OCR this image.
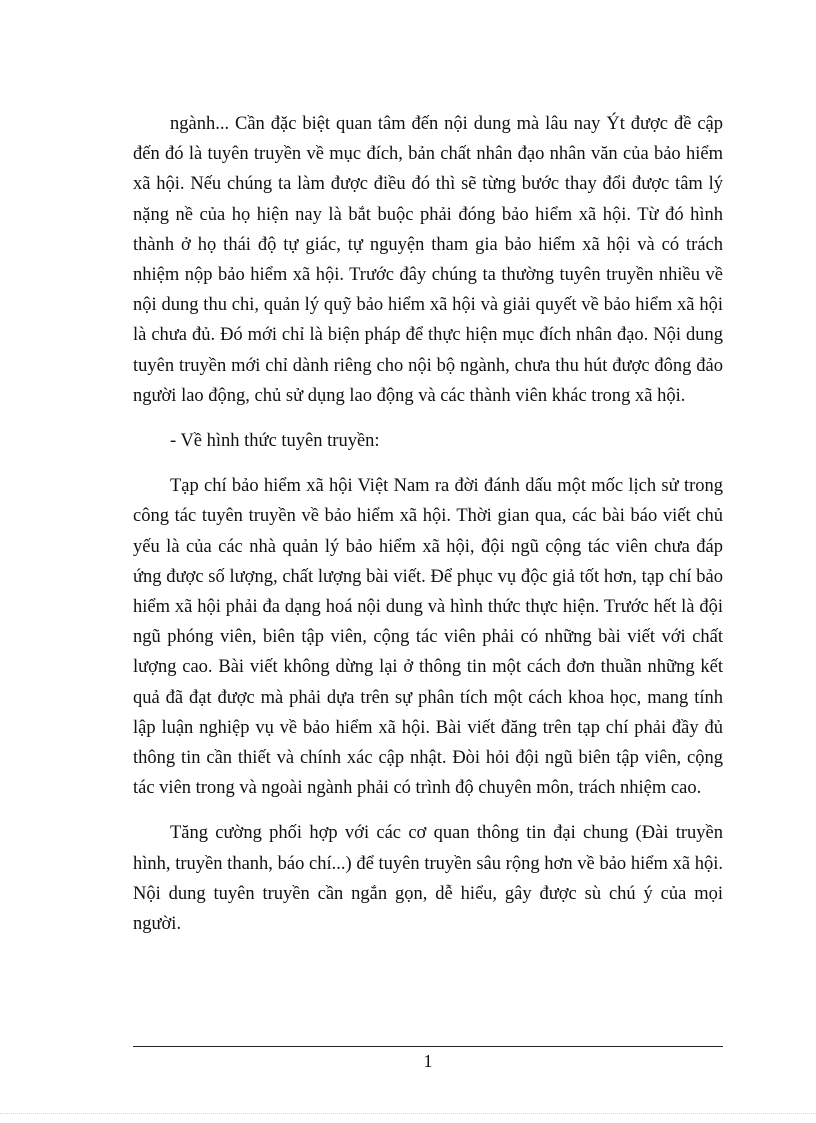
ngành... Cần đặc biệt quan tâm đến nội dung mà lâu nay Ýt được đề cập đến đó là tuyên truyền về mục đích, bản chất nhân đạo nhân văn của bảo hiểm xã hội. Nếu chúng ta làm được điều đó thì sẽ từng bước thay đổi được tâm lý nặng nề của họ hiện nay là bắt buộc phải đóng bảo hiểm xã hội. Từ đó hình thành ở họ thái độ tự giác, tự nguyện tham gia bảo hiểm xã hội và có trách nhiệm nộp bảo hiểm xã hội. Trước đây chúng ta thường tuyên truyền nhiều về nội dung thu chi, quản lý quỹ bảo hiểm xã hội và giải quyết về bảo hiểm xã hội là chưa đủ. Đó mới chỉ là biện pháp để thực hiện mục đích nhân đạo. Nội dung tuyên truyền mới chỉ dành riêng cho nội bộ ngành, chưa thu hút được đông đảo người lao động, chủ sử dụng lao động và các thành viên khác trong xã hội.

- Về hình thức tuyên truyền:

Tạp chí bảo hiểm xã hội Việt Nam ra đời đánh dấu một mốc lịch sử trong công tác tuyên truyền về bảo hiểm xã hội. Thời gian qua, các bài báo viết chủ yếu là của các nhà quản lý bảo hiểm xã hội, đội ngũ cộng tác viên chưa đáp ứng được số lượng, chất lượng bài viết. Để phục vụ độc giả tốt hơn, tạp chí bảo hiểm xã hội phải đa dạng hoá nội dung và hình thức thực hiện. Trước hết là đội ngũ phóng viên, biên tập viên, cộng tác viên phải có những bài viết với chất lượng cao. Bài viết không dừng lại ở thông tin một cách đơn thuần những kết quả đã đạt được mà phải dựa trên sự phân tích một cách khoa học, mang tính lập luận nghiệp vụ về bảo hiểm xã hội. Bài viết đăng trên tạp chí phải đầy đủ thông tin cần thiết và chính xác cập nhật. Đòi hỏi đội ngũ biên tập viên, cộng tác viên trong và ngoài ngành phải có trình độ chuyên môn, trách nhiệm cao.

Tăng cường phối hợp với các cơ quan thông tin đại chung (Đài truyền hình, truyền thanh, báo chí...) để tuyên truyền sâu rộng hơn về bảo hiểm xã hội. Nội dung tuyên truyền cần ngắn gọn, dễ hiểu, gây được sù chú ý của mọi người.

1
